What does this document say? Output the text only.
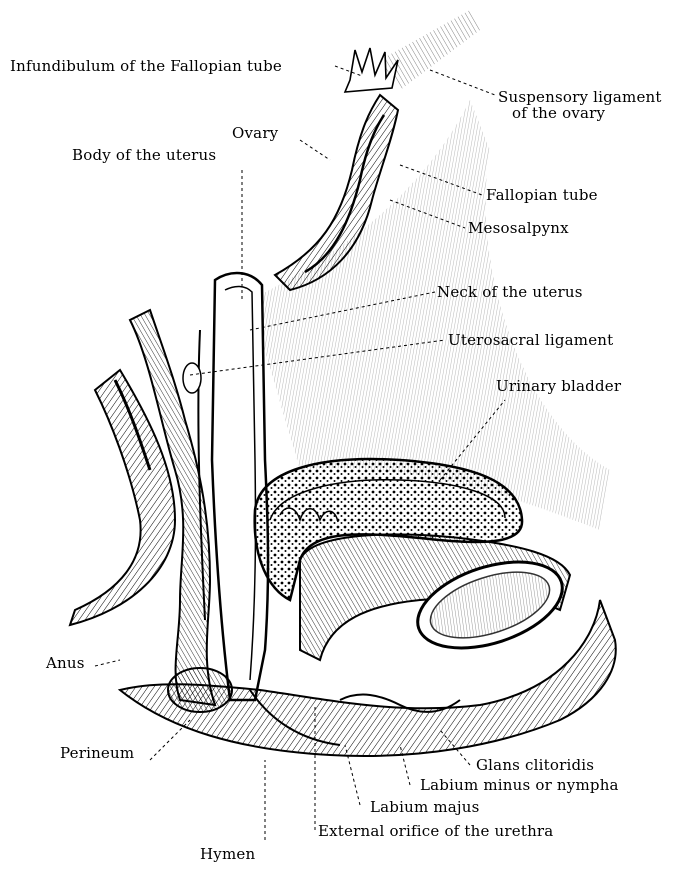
Infundibulum of the Fallopian tube
Suspensory ligament
of the ovary
Ovary
Body of the uterus
Fallopian tube
Mesosalpynx
Neck of the uterus
Uterosacral ligament
Urinary bladder
Anus
Perineum
Glans clitoridis
Labium minus or nympha
Labium majus
External orifice of the urethra
Hymen
